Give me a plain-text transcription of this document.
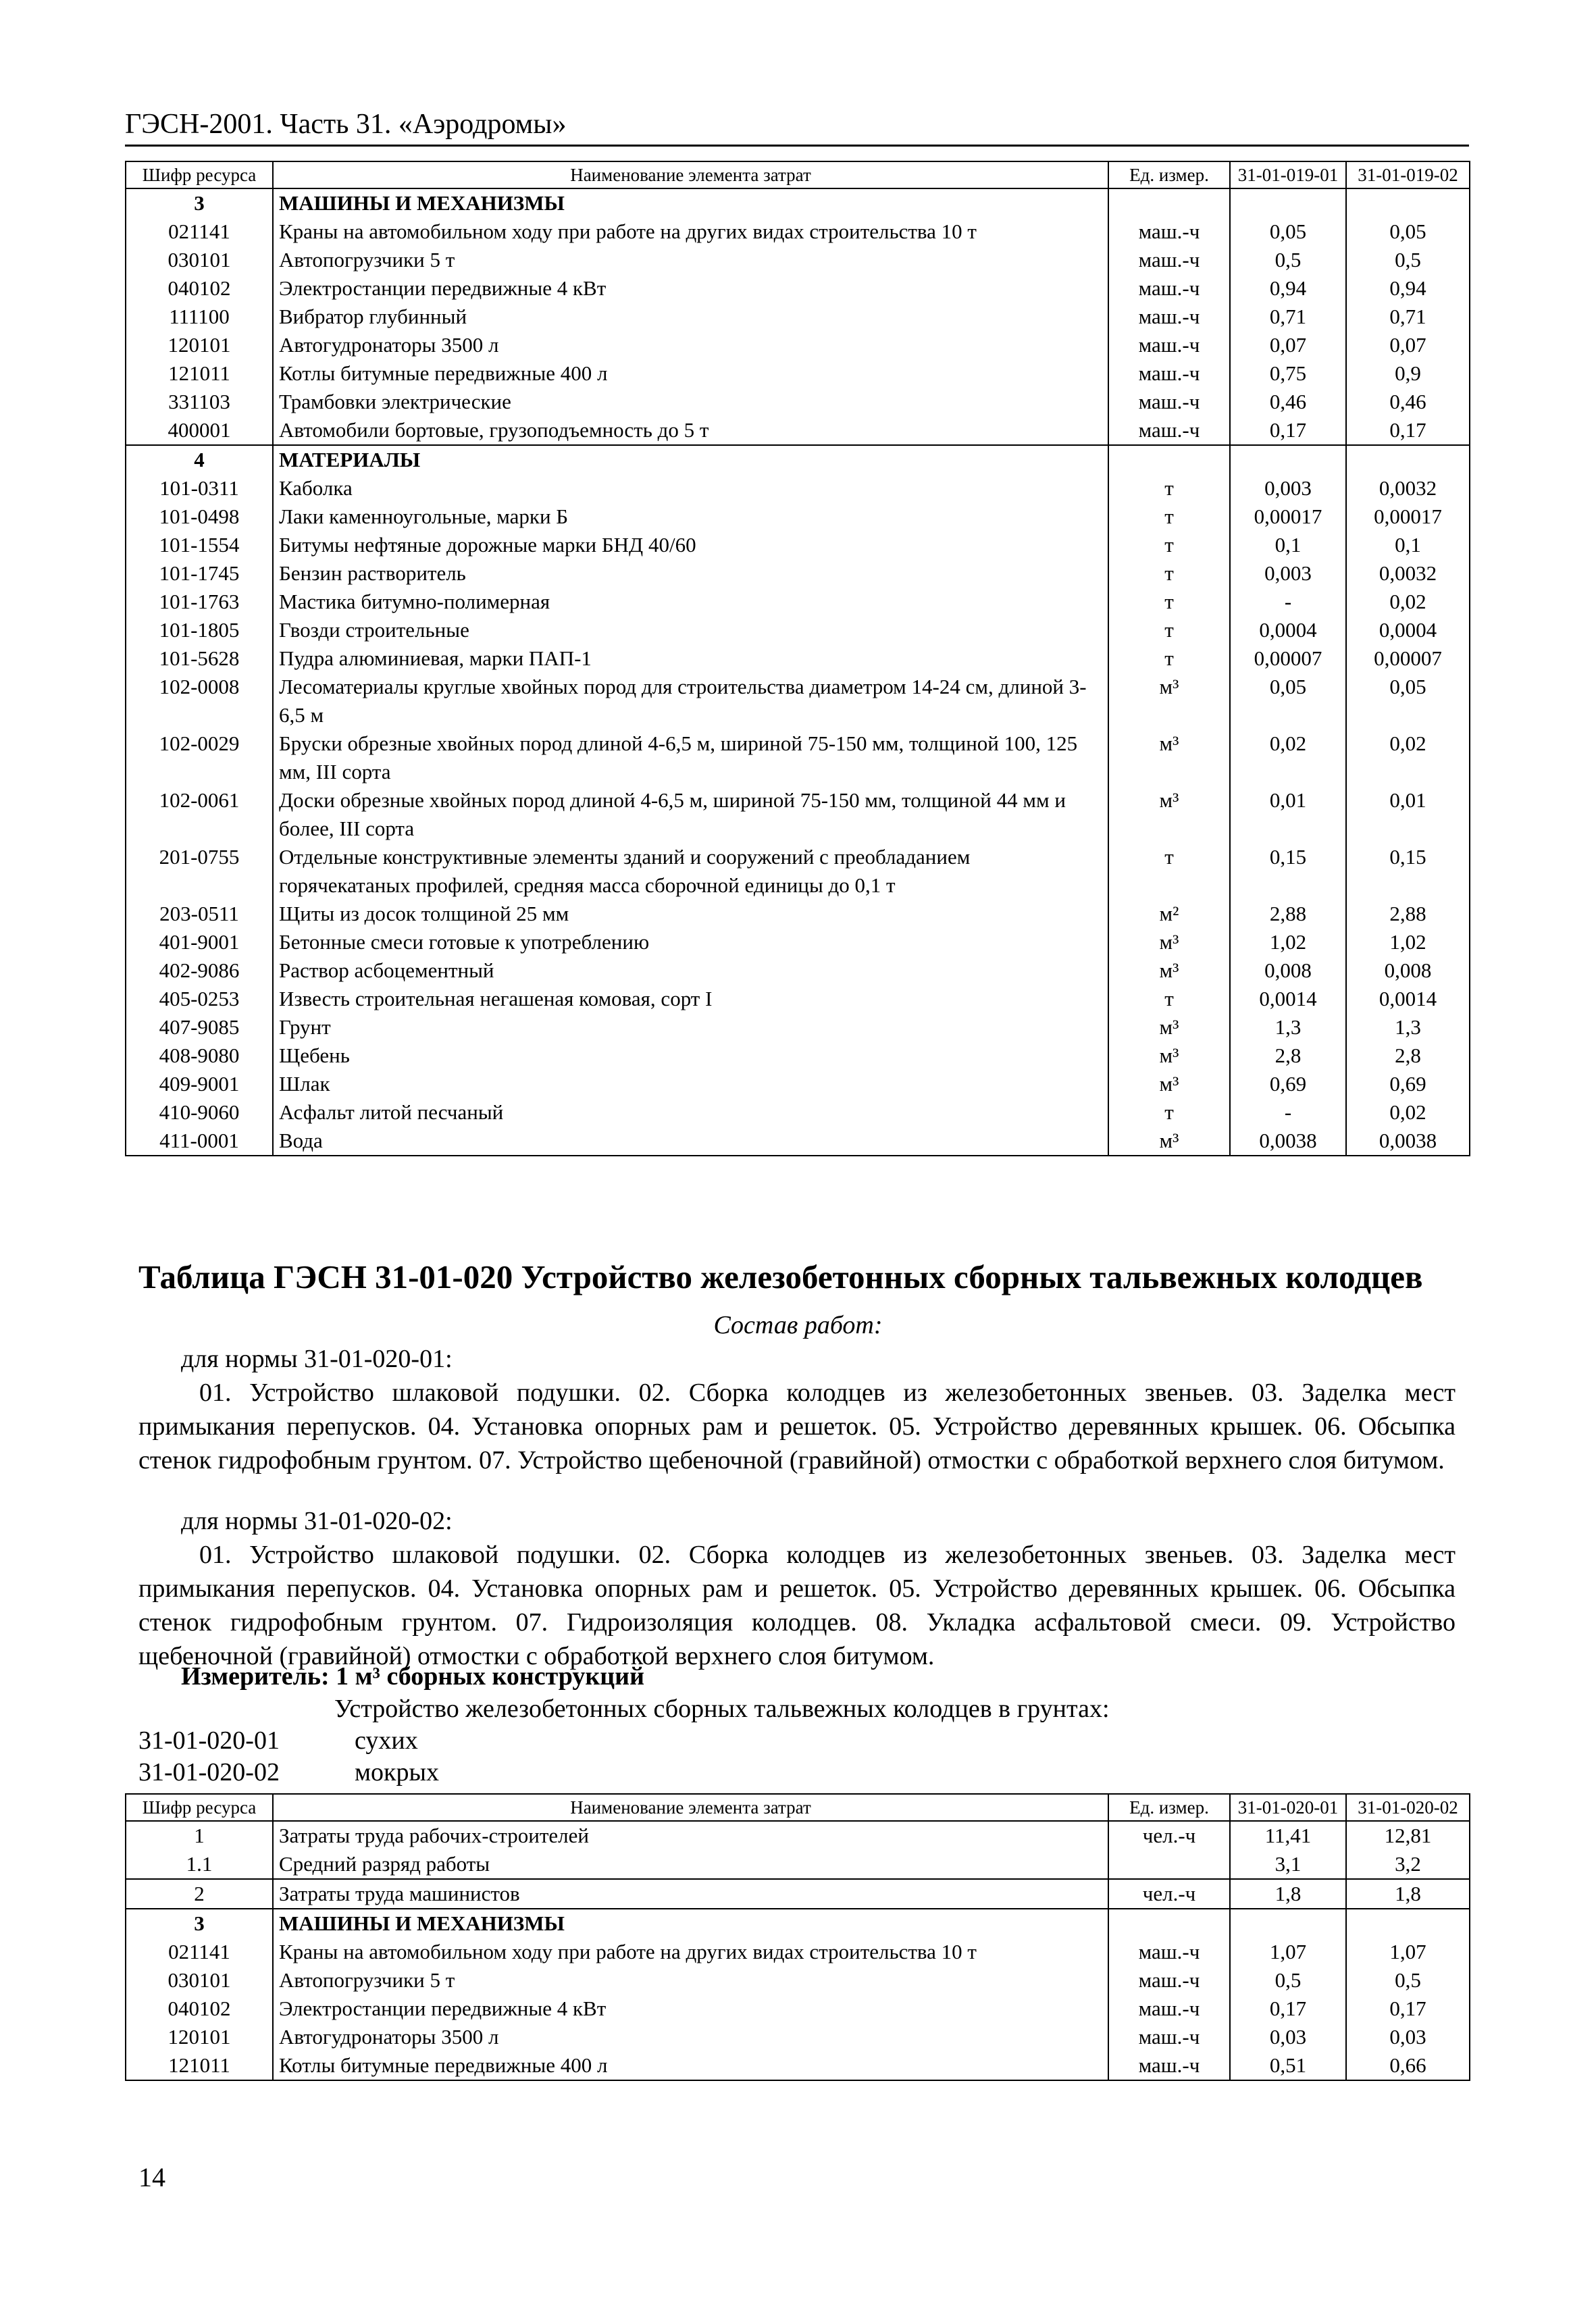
ГЭСН-2001. Часть 31. «Аэродромы»
Шифр ресурса	Наименование элемента затрат	Ед. измер.	31-01-019-01	31-01-019-02
3	МАШИНЫ И МЕХАНИЗМЫ			
021141	Краны на автомобильном ходу при работе на других видах строительства 10 т	маш.-ч	0,05	0,05
030101	Автопогрузчики 5 т	маш.-ч	0,5	0,5
040102	Электростанции передвижные 4 кВт	маш.-ч	0,94	0,94
111100	Вибратор глубинный	маш.-ч	0,71	0,71
120101	Автогудронаторы 3500 л	маш.-ч	0,07	0,07
121011	Котлы битумные передвижные 400 л	маш.-ч	0,75	0,9
331103	Трамбовки электрические	маш.-ч	0,46	0,46
400001	Автомобили бортовые, грузоподъемность до 5 т	маш.-ч	0,17	0,17
4	МАТЕРИАЛЫ			
101-0311	Каболка	т	0,003	0,0032
101-0498	Лаки каменноугольные, марки Б	т	0,00017	0,00017
101-1554	Битумы нефтяные дорожные марки БНД 40/60	т	0,1	0,1
101-1745	Бензин растворитель	т	0,003	0,0032
101-1763	Мастика битумно-полимерная	т	-	0,02
101-1805	Гвозди строительные	т	0,0004	0,0004
101-5628	Пудра алюминиевая, марки ПАП-1	т	0,00007	0,00007
102-0008	Лесоматериалы круглые хвойных пород для строительства диаметром 14-24 см, длиной 3-6,5 м	м³	0,05	0,05
102-0029	Бруски обрезные хвойных пород длиной 4-6,5 м, шириной 75-150 мм, толщиной 100, 125 мм, III сорта	м³	0,02	0,02
102-0061	Доски обрезные хвойных пород длиной 4-6,5 м, шириной 75-150 мм, толщиной 44 мм и более, III сорта	м³	0,01	0,01
201-0755	Отдельные конструктивные элементы зданий и сооружений с преобладанием горячекатаных профилей, средняя масса сборочной единицы до 0,1 т	т	0,15	0,15
203-0511	Щиты из досок толщиной 25 мм	м²	2,88	2,88
401-9001	Бетонные смеси готовые к употреблению	м³	1,02	1,02
402-9086	Раствор асбоцементный	м³	0,008	0,008
405-0253	Известь строительная негашеная комовая, сорт I	т	0,0014	0,0014
407-9085	Грунт	м³	1,3	1,3
408-9080	Щебень	м³	2,8	2,8
409-9001	Шлак	м³	0,69	0,69
410-9060	Асфальт литой песчаный	т	-	0,02
411-0001	Вода	м³	0,0038	0,0038
Таблица ГЭСН 31-01-020 Устройство железобетонных сборных тальвежных колодцев
Состав работ:
для нормы 31-01-020-01:
01. Устройство шлаковой подушки. 02. Сборка колодцев из железобетонных звеньев. 03. Заделка мест примыкания перепусков. 04. Установка опорных рам и решеток. 05. Устройство деревянных крышек. 06. Обсыпка стенок гидрофобным грунтом. 07. Устройство щебеночной (гравийной) отмостки с обработкой верхнего слоя битумом.
для нормы 31-01-020-02:
01. Устройство шлаковой подушки. 02. Сборка колодцев из железобетонных звеньев. 03. Заделка мест примыкания перепусков. 04. Установка опорных рам и решеток. 05. Устройство деревянных крышек. 06. Обсыпка стенок гидрофобным грунтом. 07. Гидроизоляция колодцев. 08. Укладка асфальтовой смеси. 09. Устройство щебеночной (гравийной) отмостки с обработкой верхнего слоя битумом.
Измеритель: 1 м³ сборных конструкций
Устройство железобетонных сборных тальвежных колодцев в грунтах:
31-01-020-01	сухих
31-01-020-02	мокрых
Шифр ресурса	Наименование элемента затрат	Ед. измер.	31-01-020-01	31-01-020-02
1	Затраты труда рабочих-строителей	чел.-ч	11,41	12,81
1.1	Средний разряд работы		3,1	3,2
2	Затраты труда машинистов	чел.-ч	1,8	1,8
3	МАШИНЫ И МЕХАНИЗМЫ			
021141	Краны на автомобильном ходу при работе на других видах строительства 10 т	маш.-ч	1,07	1,07
030101	Автопогрузчики 5 т	маш.-ч	0,5	0,5
040102	Электростанции передвижные 4 кВт	маш.-ч	0,17	0,17
120101	Автогудронаторы 3500 л	маш.-ч	0,03	0,03
121011	Котлы битумные передвижные 400 л	маш.-ч	0,51	0,66
14
